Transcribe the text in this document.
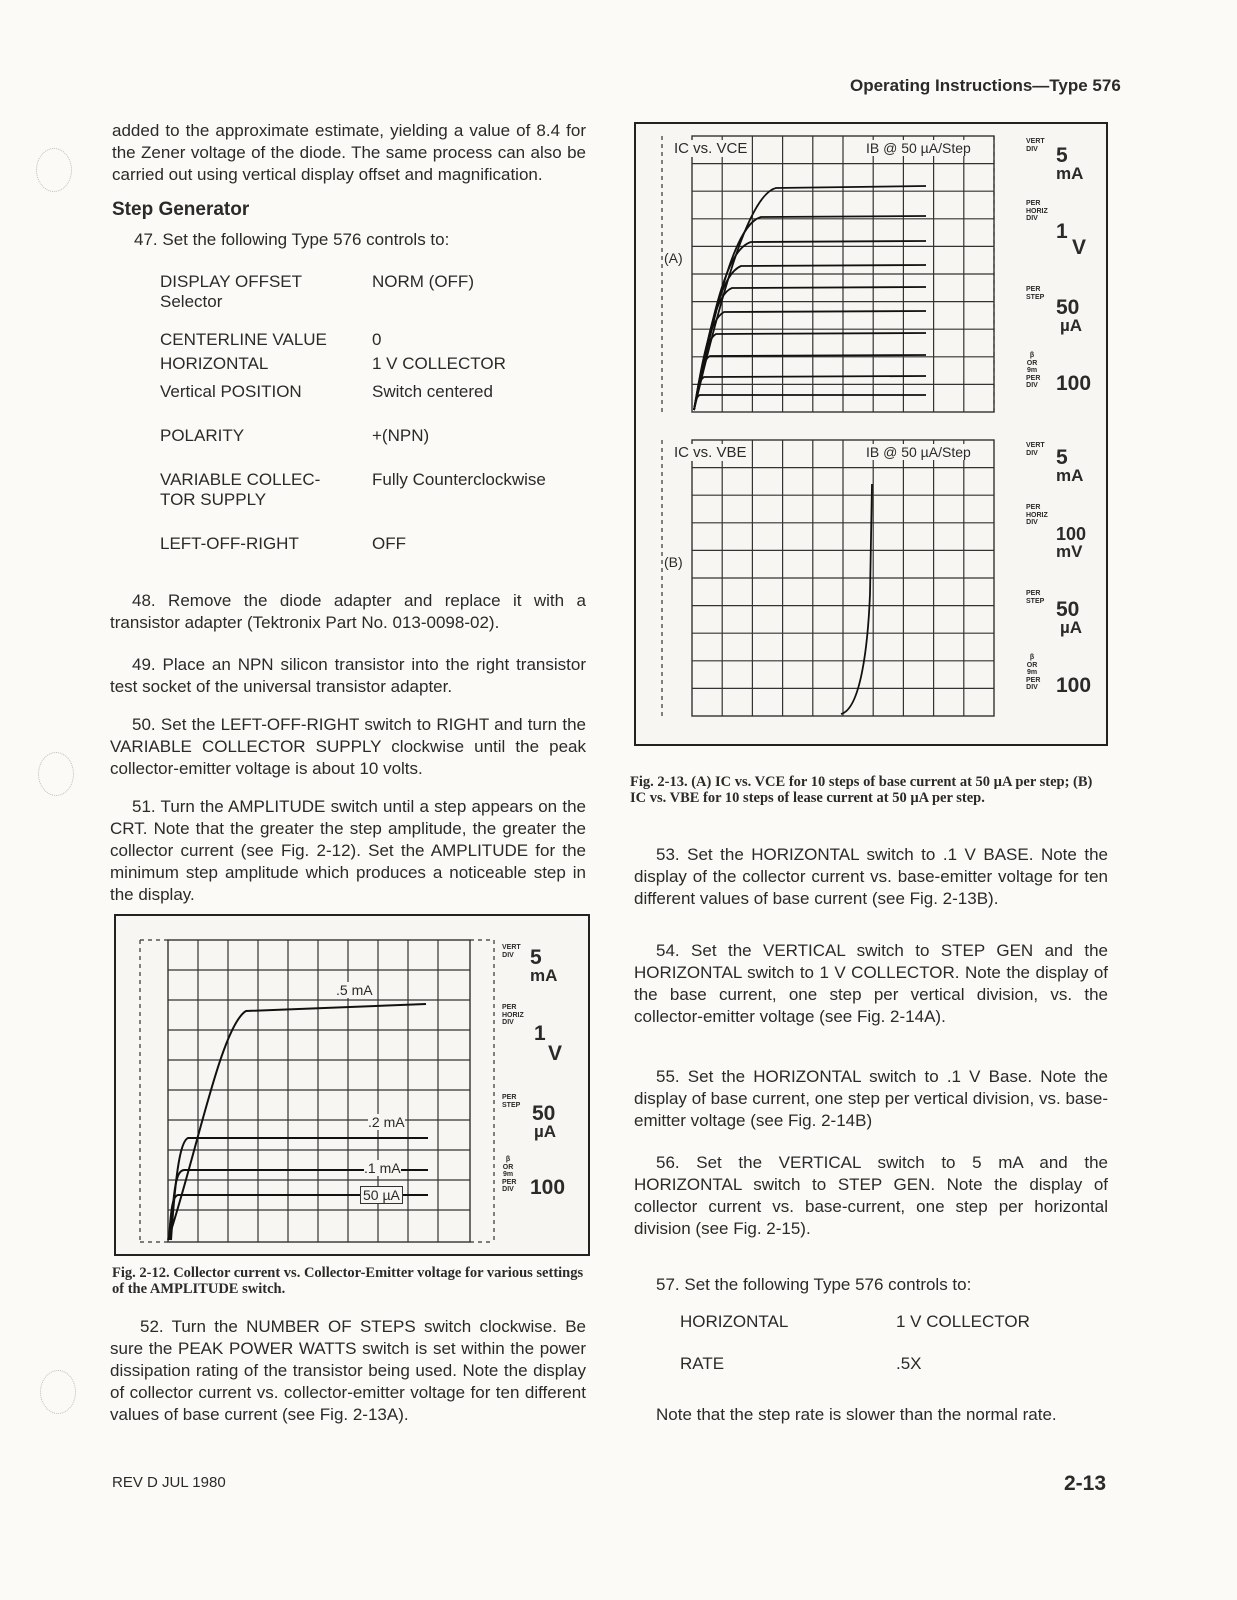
Operating Instructions—Type 576

added to the approximate estimate, yielding a value of 8.4 for the Zener voltage of the diode. The same process can also be carried out using vertical display offset and magnification.

Step Generator

47. Set the following Type 576 controls to:

DISPLAY OFFSET
Selector	NORM (OFF)
CENTERLINE VALUE	0
HORIZONTAL	1 V COLLECTOR
Vertical POSITION	Switch centered
POLARITY	+(NPN)
VARIABLE COLLEC-
TOR SUPPLY	Fully Counterclockwise
LEFT-OFF-RIGHT	OFF

48. Remove the diode adapter and replace it with a transistor adapter (Tektronix Part No. 013-0098-02).

49. Place an NPN silicon transistor into the right transistor test socket of the universal transistor adapter.

50. Set the LEFT-OFF-RIGHT switch to RIGHT and turn the VARIABLE COLLECTOR SUPPLY clockwise until the peak collector-emitter voltage is about 10 volts.

51. Turn the AMPLITUDE switch until a step appears on the CRT. Note that the greater the step amplitude, the greater the collector current (see Fig. 2-12). Set the AMPLITUDE for the minimum step amplitude which produces a noticeable step in the display.

.5 mA
.2 mA
.1 mA
50 µA
VERT DIV 5
mA
PER HORIZ DIV 1
V
PER STEP 50
µA
β OR 9m PER DIV 100
Fig. 2-12. Collector current vs. Collector-Emitter voltage for various settings of the AMPLITUDE switch.

52. Turn the NUMBER OF STEPS switch clockwise. Be sure the PEAK POWER WATTS switch is set within the power dissipation rating of the transistor being used. Note the display of collector current vs. collector-emitter voltage for ten different values of base current (see Fig. 2-13A).

IC vs. VCE	IB @ 50 µA/Step
(A)
IC vs. VBE	IB @ 50 µA/Step
(B)
VERT DIV 5
mA
PER HORIZ DIV
1
V
PER STEP 50
µA
β OR 9m PER DIV 100
VERT DIV 5
mA
PER HORIZ DIV
100
mV
PER STEP 50
µA
β OR 9m PER DIV 100
Fig. 2-13. (A) IC vs. VCE for 10 steps of base current at 50 µA per step; (B) IC vs. VBE for 10 steps of lease current at 50 µA per step.

53. Set the HORIZONTAL switch to .1 V BASE. Note the display of the collector current vs. base-emitter voltage for ten different values of base current (see Fig. 2-13B).

54. Set the VERTICAL switch to STEP GEN and the HORIZONTAL switch to 1 V COLLECTOR. Note the display of the base current, one step per vertical division, vs. the collector-emitter voltage (see Fig. 2-14A).

55. Set the HORIZONTAL switch to .1 V Base. Note the display of base current, one step per vertical division, vs. base-emitter voltage (see Fig. 2-14B)

56. Set the VERTICAL switch to 5 mA and the HORIZONTAL switch to STEP GEN. Note the display of collector current vs. base-current, one step per horizontal division (see Fig. 2-15).

57. Set the following Type 576 controls to:

HORIZONTAL	1 V COLLECTOR
RATE	.5X
Note that the step rate is slower than the normal rate.
REV D JUL 1980	2-13
